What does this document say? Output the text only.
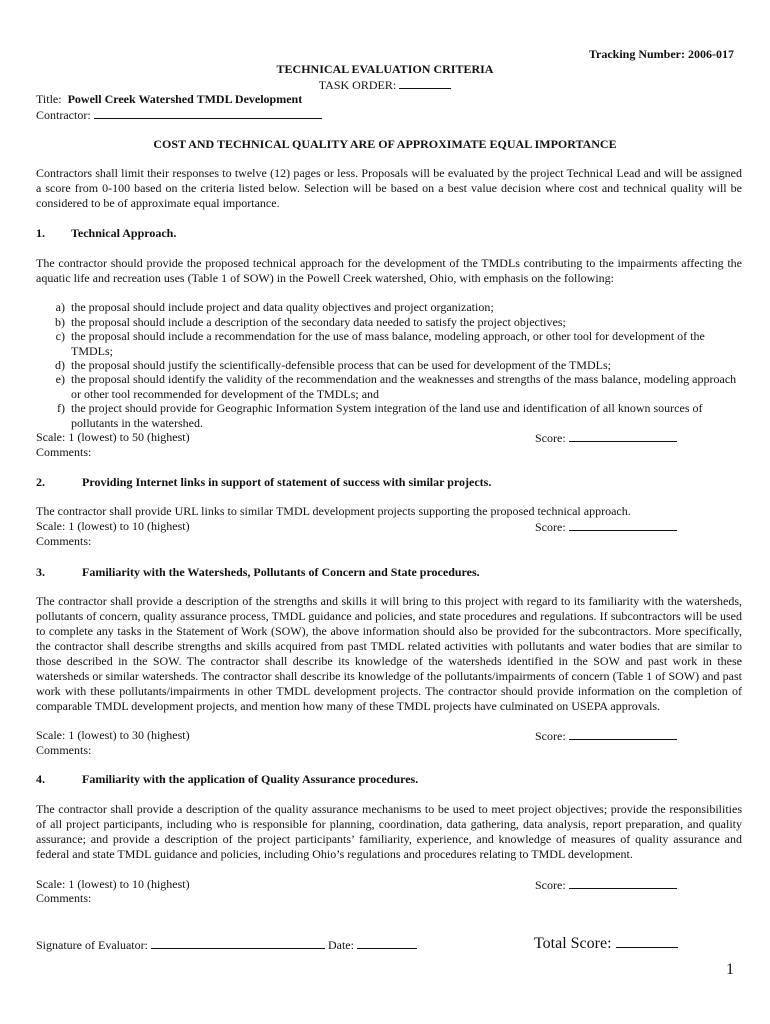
Tracking Number: 2006-017
TECHNICAL EVALUATION CRITERIA
TASK ORDER:
Title: Powell Creek Watershed TMDL Development
Contractor:
COST AND TECHNICAL QUALITY ARE OF APPROXIMATE EQUAL IMPORTANCE
Contractors shall limit their responses to twelve (12) pages or less. Proposals will be evaluated by the project Technical Lead and will be assigned a score from 0-100 based on the criteria listed below. Selection will be based on a best value decision where cost and technical quality will be considered to be of approximate equal importance.
1. Technical Approach.
The contractor should provide the proposed technical approach for the development of the TMDLs contributing to the impairments affecting the aquatic life and recreation uses (Table 1 of SOW) in the Powell Creek watershed, Ohio, with emphasis on the following:
a) the proposal should include project and data quality objectives and project organization;
b) the proposal should include a description of the secondary data needed to satisfy the project objectives;
c) the proposal should include a recommendation for the use of mass balance, modeling approach, or other tool for development of the TMDLs;
d) the proposal should justify the scientifically-defensible process that can be used for development of the TMDLs;
e) the proposal should identify the validity of the recommendation and the weaknesses and strengths of the mass balance, modeling approach or other tool recommended for development of the TMDLs; and
f) the project should provide for Geographic Information System integration of the land use and identification of all known sources of pollutants in the watershed.
Scale: 1 (lowest) to 50 (highest)	Score:
Comments:
2.	Providing Internet links in support of statement of success with similar projects.
The contractor shall provide URL links to similar TMDL development projects supporting the proposed technical approach.
Scale: 1 (lowest) to 10 (highest)	Score:
Comments:
3.	Familiarity with the Watersheds, Pollutants of Concern and State procedures.
The contractor shall provide a description of the strengths and skills it will bring to this project with regard to its familiarity with the watersheds, pollutants of concern, quality assurance process, TMDL guidance and policies, and state procedures and regulations. If subcontractors will be used to complete any tasks in the Statement of Work (SOW), the above information should also be provided for the subcontractors. More specifically, the contractor shall describe strengths and skills acquired from past TMDL related activities with pollutants and water bodies that are similar to those described in the SOW. The contractor shall describe its knowledge of the watersheds identified in the SOW and past work in these watersheds or similar watersheds. The contractor shall describe its knowledge of the pollutants/impairments of concern (Table 1 of SOW) and past work with these pollutants/impairments in other TMDL development projects. The contractor should provide information on the completion of comparable TMDL development projects, and mention how many of these TMDL projects have culminated on USEPA approvals.
Scale: 1 (lowest) to 30 (highest)	Score:
Comments:
4.	Familiarity with the application of Quality Assurance procedures.
The contractor shall provide a description of the quality assurance mechanisms to be used to meet project objectives; provide the responsibilities of all project participants, including who is responsible for planning, coordination, data gathering, data analysis, report preparation, and quality assurance; and provide a description of the project participants’ familiarity, experience, and knowledge of measures of quality assurance and federal and state TMDL guidance and policies, including Ohio’s regulations and procedures relating to TMDL development.
Scale: 1 (lowest) to 10 (highest)	Score:
Comments:
Signature of Evaluator:	Date:	Total Score:
1
